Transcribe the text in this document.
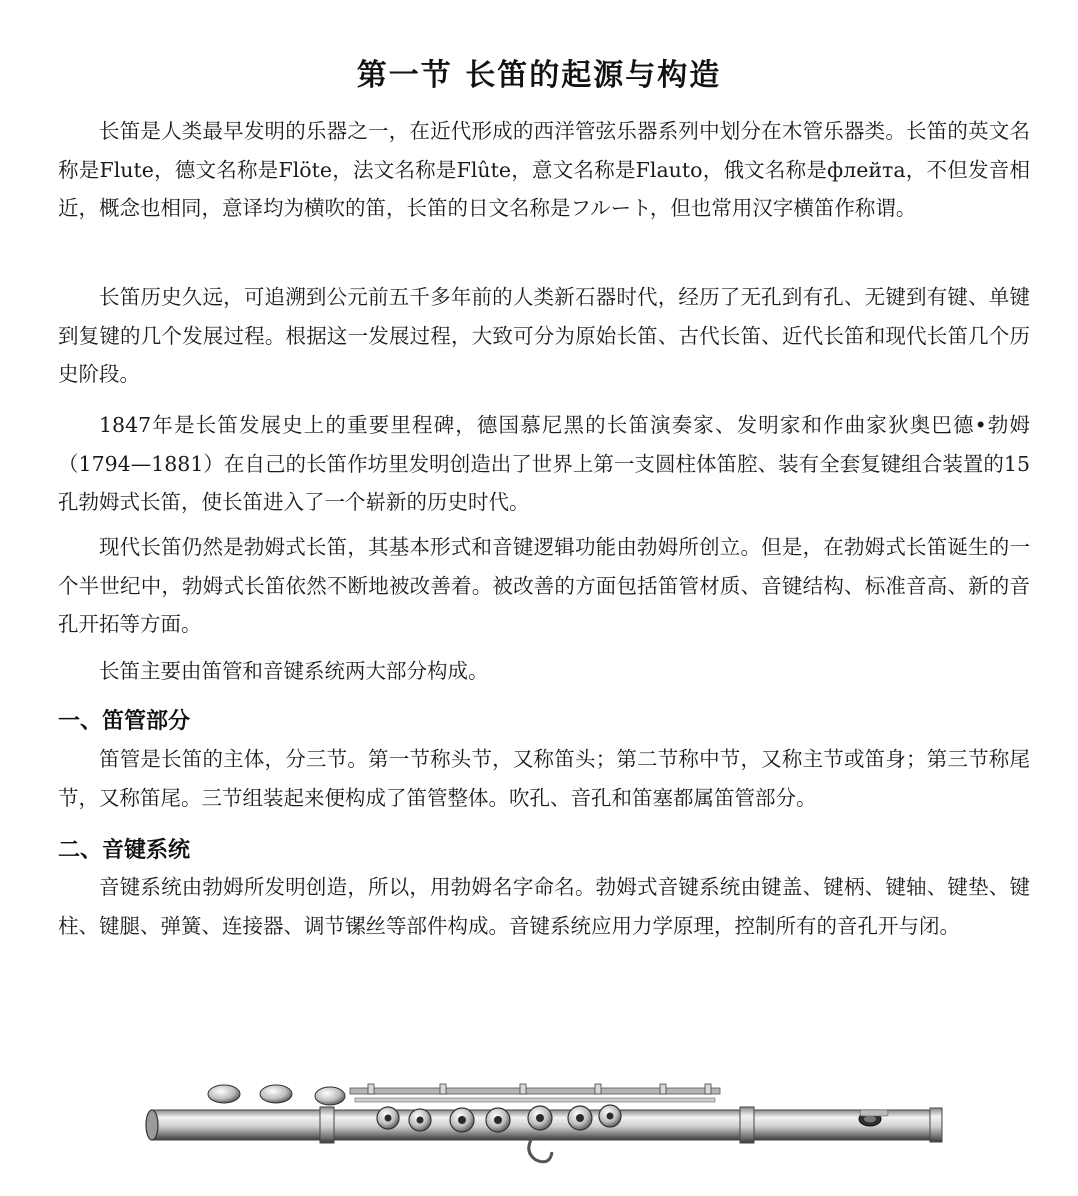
第一节 长笛的起源与构造

长笛是人类最早发明的乐器之一，在近代形成的西洋管弦乐器系列中划分在木管乐器类。长笛的英文名称是Flute，德文名称是Flöte，法文名称是Flûte，意文名称是Flauto，俄文名称是флейта，不但发音相近，概念也相同，意译均为横吹的笛，长笛的日文名称是フルート，但也常用汉字横笛作称谓。

长笛历史久远，可追溯到公元前五千多年前的人类新石器时代，经历了无孔到有孔、无键到有键、单键到复键的几个发展过程。根据这一发展过程，大致可分为原始长笛、古代长笛、近代长笛和现代长笛几个历史阶段。

1847年是长笛发展史上的重要里程碑，德国慕尼黑的长笛演奏家、发明家和作曲家狄奥巴德•勃姆（1794—1881）在自己的长笛作坊里发明创造出了世界上第一支圆柱体笛腔、装有全套复键组合装置的15孔勃姆式长笛，使长笛进入了一个崭新的历史时代。

现代长笛仍然是勃姆式长笛，其基本形式和音键逻辑功能由勃姆所创立。但是，在勃姆式长笛诞生的一个半世纪中，勃姆式长笛依然不断地被改善着。被改善的方面包括笛管材质、音键结构、标准音高、新的音孔开拓等方面。

长笛主要由笛管和音键系统两大部分构成。

一、笛管部分

笛管是长笛的主体，分三节。第一节称头节，又称笛头；第二节称中节，又称主节或笛身；第三节称尾节，又称笛尾。三节组装起来便构成了笛管整体。吹孔、音孔和笛塞都属笛管部分。

二、音键系统

音键系统由勃姆所发明创造，所以，用勃姆名字命名。勃姆式音键系统由键盖、键柄、键轴、键垫、键柱、键腿、弹簧、连接器、调节镙丝等部件构成。音键系统应用力学原理，控制所有的音孔开与闭。
